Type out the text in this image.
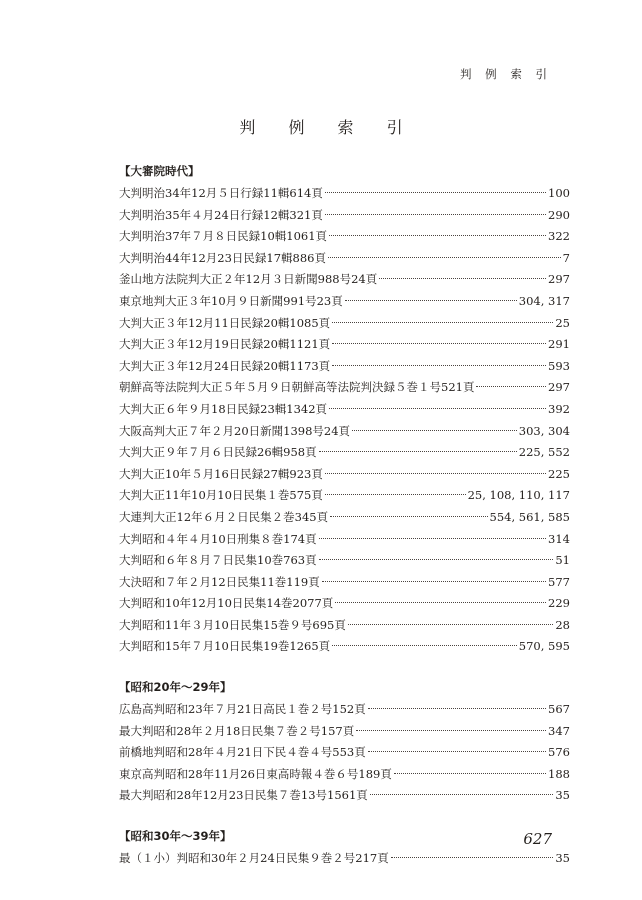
判 例 索 引
判 例 索 引
【大審院時代】
大判明治34年12月５日行録11輯614頁	100
大判明治35年４月24日行録12輯321頁	290
大判明治37年７月８日民録10輯1061頁	322
大判明治44年12月23日民録17輯886頁	7
釜山地方法院判大正２年12月３日新聞988号24頁	297
東京地判大正３年10月９日新聞991号23頁	304, 317
大判大正３年12月11日民録20輯1085頁	25
大判大正３年12月19日民録20輯1121頁	291
大判大正３年12月24日民録20輯1173頁	593
朝鮮高等法院判大正５年５月９日朝鮮高等法院判決録５巻１号521頁	297
大判大正６年９月18日民録23輯1342頁	392
大阪高判大正７年２月20日新聞1398号24頁	303, 304
大判大正９年７月６日民録26輯958頁	225, 552
大判大正10年５月16日民録27輯923頁	225
大判大正11年10月10日民集１巻575頁	25, 108, 110, 117
大連判大正12年６月２日民集２巻345頁	554, 561, 585
大判昭和４年４月10日刑集８巻174頁	314
大判昭和６年８月７日民集10巻763頁	51
大決昭和７年２月12日民集11巻119頁	577
大判昭和10年12月10日民集14巻2077頁	229
大判昭和11年３月10日民集15巻９号695頁	28
大判昭和15年７月10日民集19巻1265頁	570, 595
【昭和20年～29年】
広島高判昭和23年７月21日高民１巻２号152頁	567
最大判昭和28年２月18日民集７巻２号157頁	347
前橋地判昭和28年４月21日下民４巻４号553頁	576
東京高判昭和28年11月26日東高時報４巻６号189頁	188
最大判昭和28年12月23日民集７巻13号1561頁	35
【昭和30年～39年】
最（１小）判昭和30年２月24日民集９巻２号217頁	35
627
